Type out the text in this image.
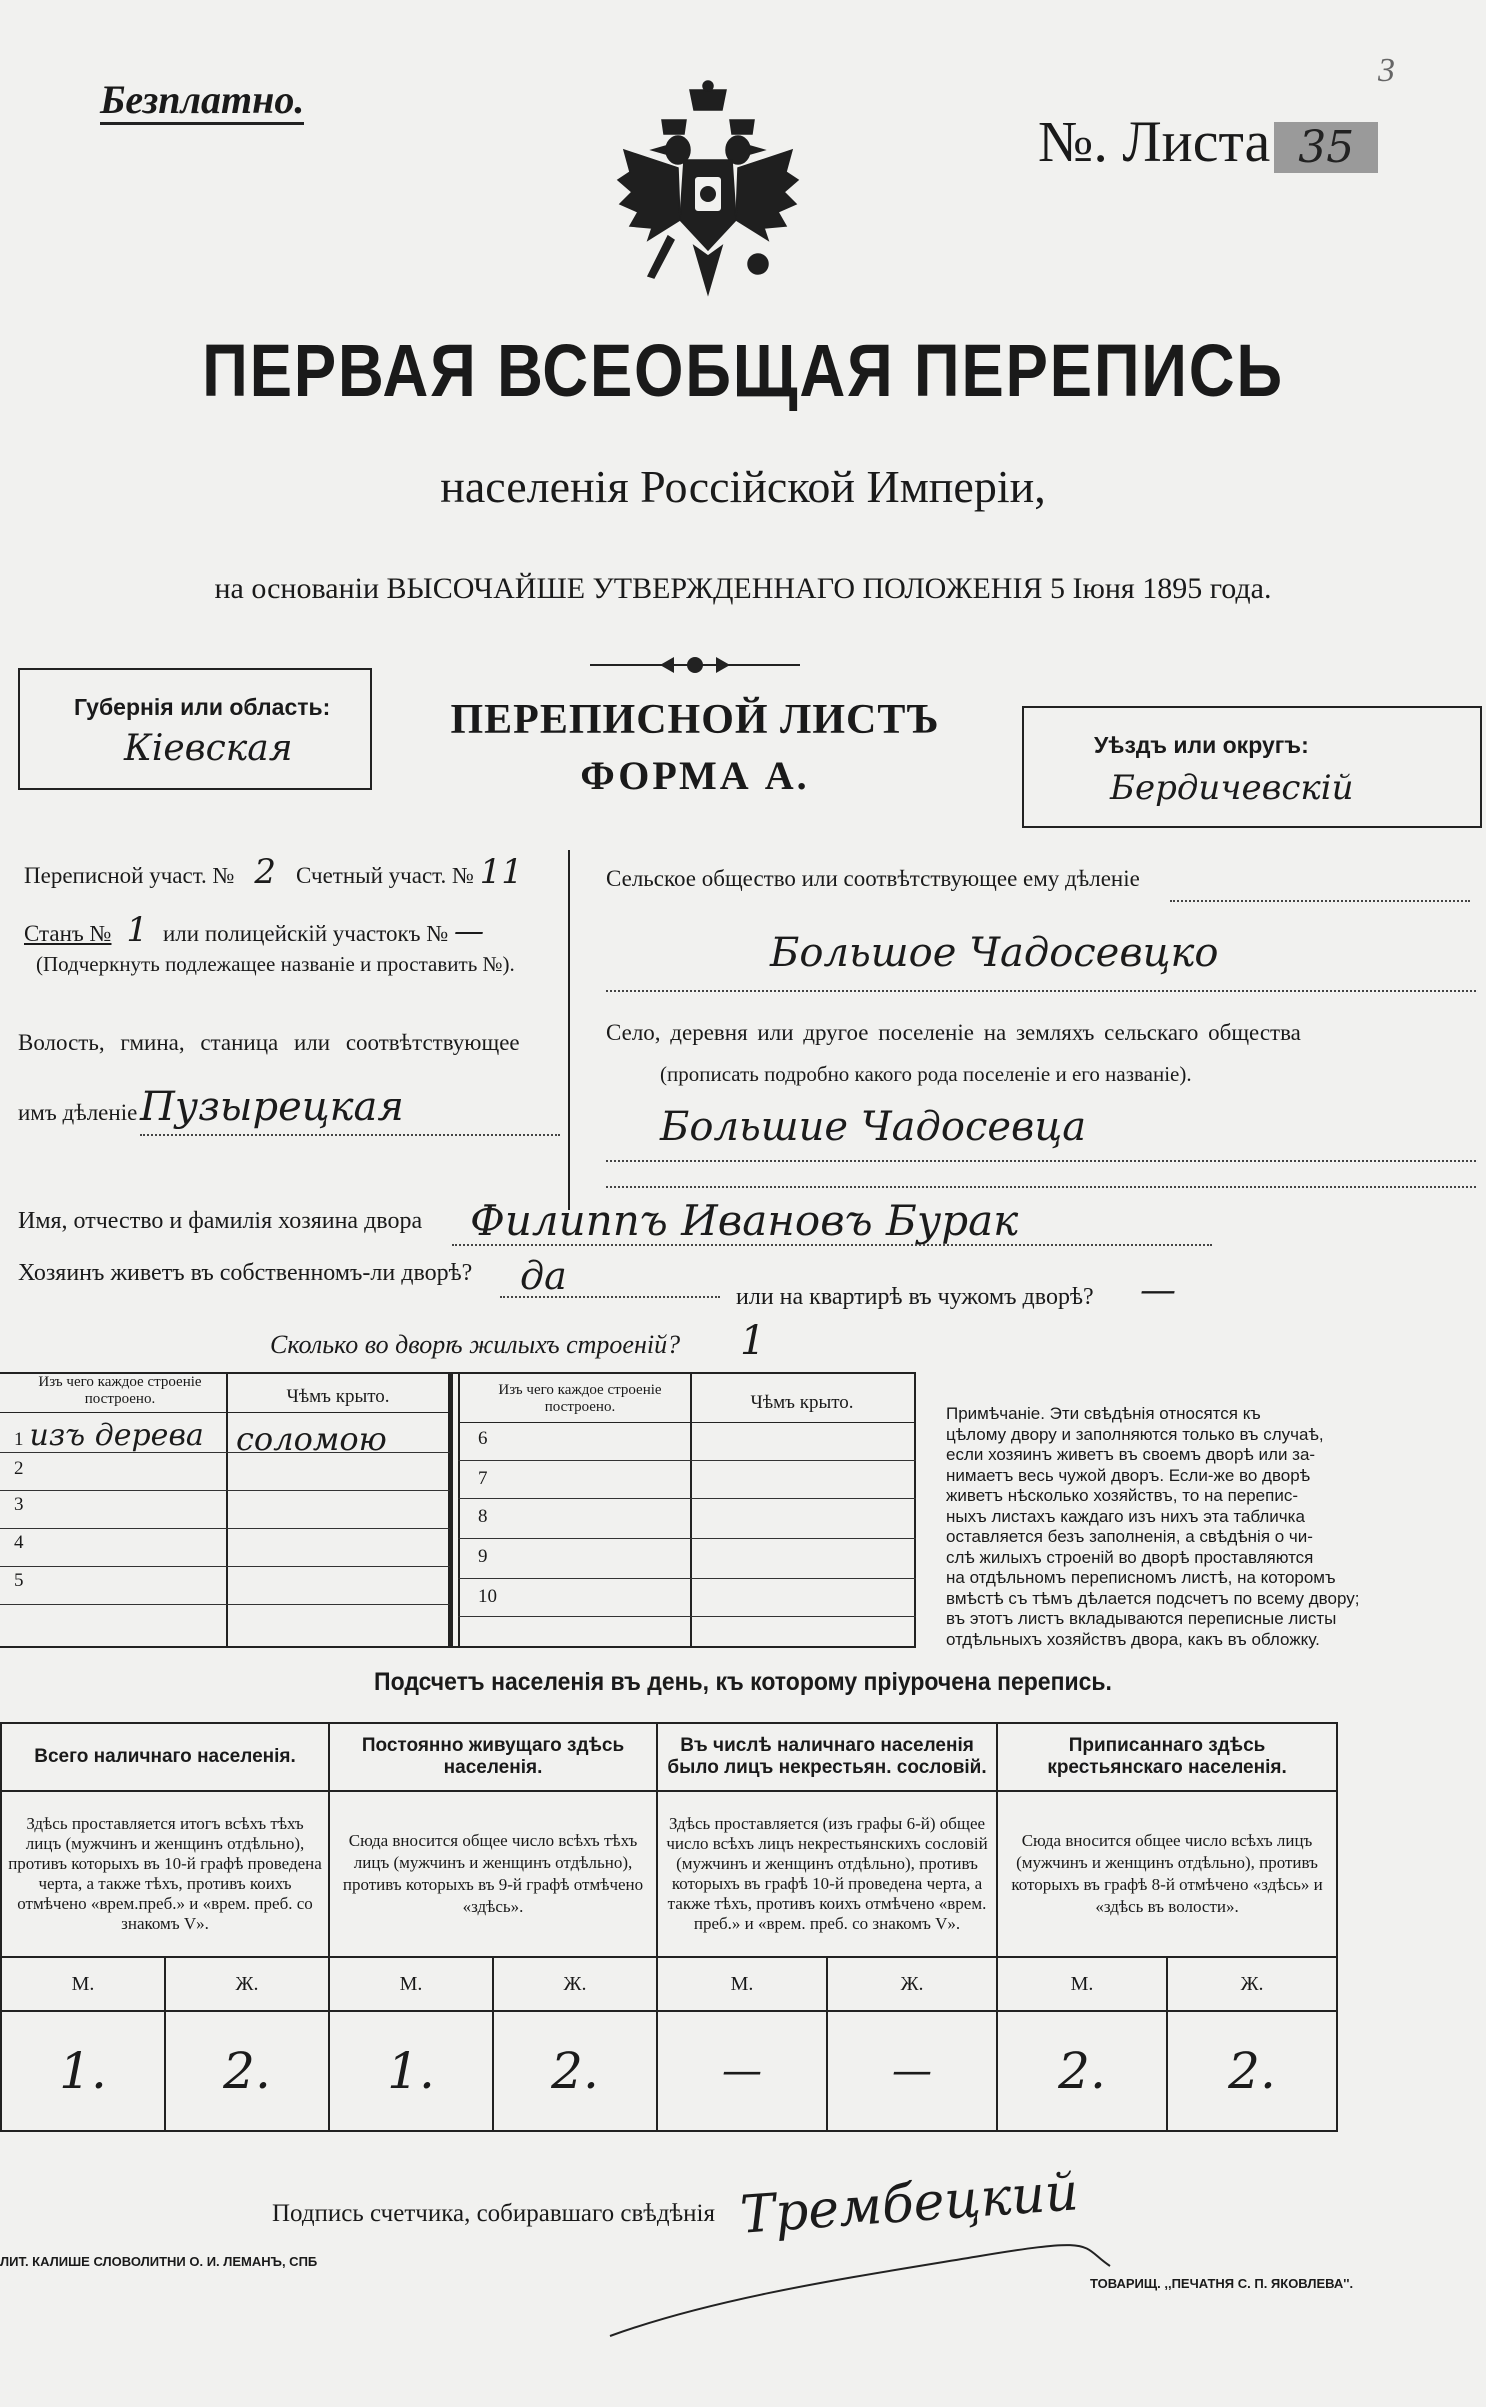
Безплатно.
3
№. Листа 35
ПЕРВАЯ ВСЕОБЩАЯ ПЕРЕПИСЬ
населенія Россійской Имперіи,
на основаніи ВЫСОЧАЙШЕ УТВЕРЖДЕННАГО ПОЛОЖЕНІЯ 5 Іюня 1895 года.
Губернія или область:
Кіевская
ПЕРЕПИСНОЙ ЛИСТЪ
ФОРМА А.
Уѣздъ или округъ:
Бердичевскій
Переписной участ. № 2 Счетный участ. № 11
Станъ № 1 или полицейскій участокъ № —
(Подчеркнуть подлежащее названіе и проставить №).
Волость, гмина, станица или соотвѣтствующее
имъ дѣленіе Пузырецкая
Сельское общество или соотвѣтствующее ему дѣленіе
Большое Чадосевцко
Село, деревня или другое поселеніе на земляхъ сельскаго общества
(прописать подробно какого рода поселеніе и его названіе).
Большие Чадосевца
Имя, отчество и фамилія хозяина двора Филиппъ Ивановъ Бурак
Хозяинъ живетъ въ собственномъ-ли дворѣ? да	или на квартирѣ въ чужомъ дворѣ? —
Сколько во дворѣ жилыхъ строеній? 1
Изъ чего каждое строеніе построено.	Чѣмъ крыто.	Изъ чего каждое строеніе построено.	Чѣмъ крыто.
1 изъ дерева соломою
2
3
4
5
6
7
8
9
10

Примѣчаніе. Эти свѣдѣнія относятся къ

цѣлому двору и заполняются только въ случаѣ,

если хозяинъ живетъ въ своемъ дворѣ или за-

нимаетъ весь чужой дворъ. Если-же во дворѣ

живетъ нѣсколько хозяйствъ, то на перепис-

ныхъ листахъ каждаго изъ нихъ эта табличка

оставляется безъ заполненія, а свѣдѣнія о чи-

слѣ жилыхъ строеній во дворѣ проставляются

на отдѣльномъ переписномъ листѣ, на которомъ

вмѣстѣ съ тѣмъ дѣлается подсчетъ по всему двору;

въ этотъ листъ вкладываются переписные листы

отдѣльныхъ хозяйствъ двора, какъ въ обложку.

Подсчетъ населенія въ день, къ которому пріурочена перепись.
Всего наличнаго населенія.		Постоянно живущаго здѣсь населенія.		Въ числѣ наличнаго населенія было лицъ некрестьян. сословій.		Приписаннаго здѣсь крестьянскаго населенія.	
Здѣсь проставляется итогъ всѣхъ тѣхъ лицъ (мужчинъ и женщинъ отдѣльно), противъ которыхъ въ 10-й графѣ проведена черта, а также тѣхъ, противъ коихъ отмѣчено «врем.преб.» и «врем. преб. со знакомъ V».		Сюда вносится общее число всѣхъ тѣхъ лицъ (мужчинъ и женщинъ отдѣльно), противъ которыхъ въ 9-й графѣ отмѣчено «здѣсь».		Здѣсь проставляется (изъ графы 6-й) общее число всѣхъ лицъ некрестьянскихъ сословій (мужчинъ и женщинъ отдѣльно), противъ которыхъ въ графѣ 10-й проведена черта, а также тѣхъ, противъ коихъ отмѣчено «врем. преб.» и «врем. преб. со знакомъ V».		Сюда вносится общее число всѣхъ лицъ (мужчинъ и женщинъ отдѣльно), противъ которыхъ въ графѣ 8-й отмѣчено «здѣсь» и «здѣсь въ волости».	
М.	Ж.	М.	Ж.	М.	Ж.	М.	Ж.
1.	2.	1.	2.	—	—	2.	2.
Подпись счетчика, собиравшаго свѣдѣнія Трембецкий
ЛИТ. КАЛИШЕ СЛОВОЛИТНИ О. И. ЛЕМАНЪ, СПБ
ТОВАРИЩ. ,,ПЕЧАТНЯ С. П. ЯКОВЛЕВА''.
